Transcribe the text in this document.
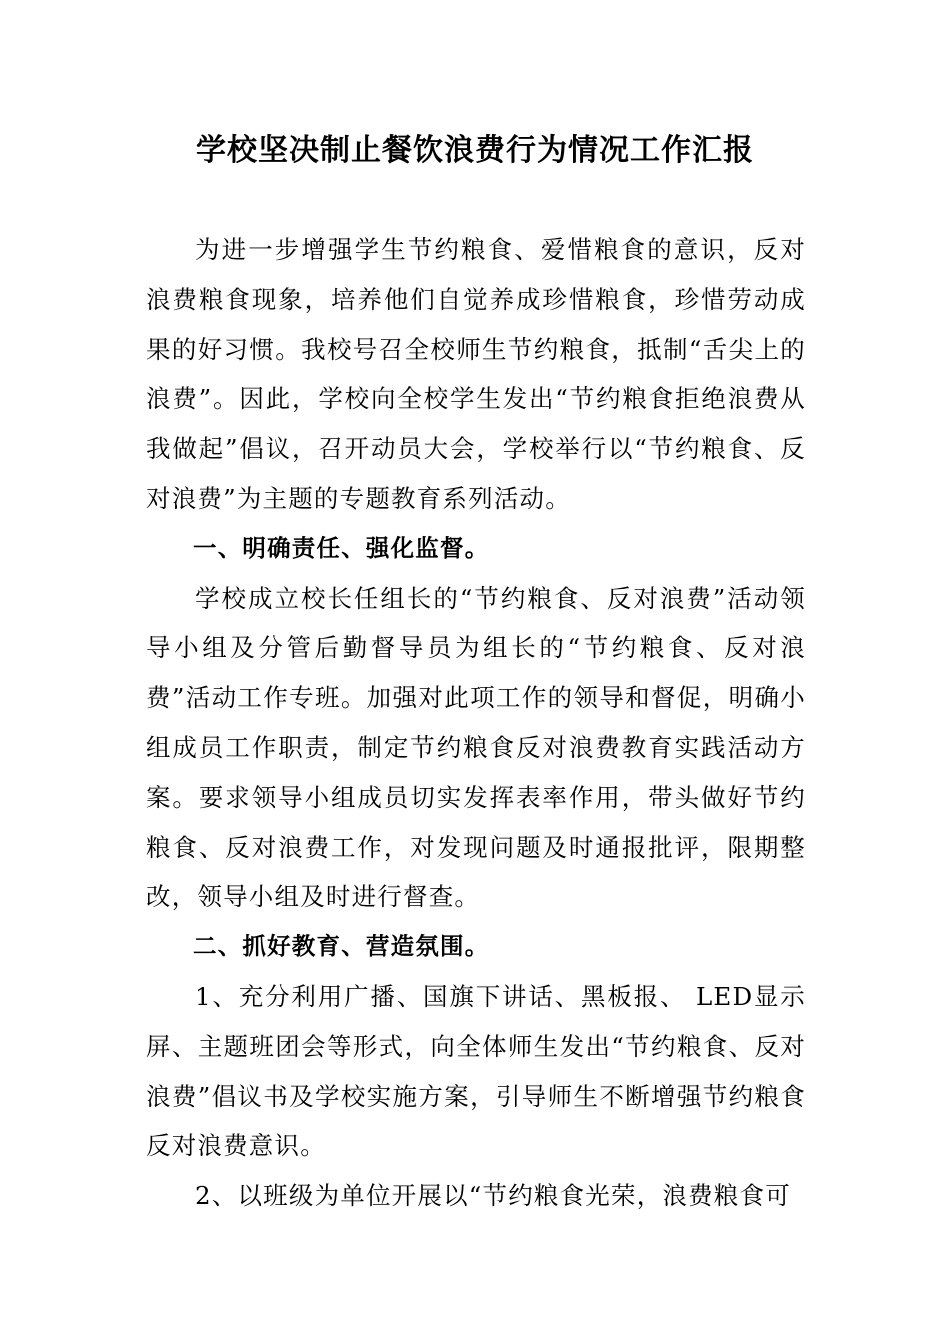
学校坚决制止餐饮浪费行为情况工作汇报

为进一步增强学生节约粮食、爱惜粮食的意识，反对浪费粮食现象，培养他们自觉养成珍惜粮食，珍惜劳动成果的好习惯。我校号召全校师生节约粮食，抵制“舌尖上的浪费”。因此，学校向全校学生发出“节约粮食拒绝浪费从我做起”倡议，召开动员大会，学校举行以“节约粮食、反对浪费”为主题的专题教育系列活动。

一、明确责任、强化监督。

学校成立校长任组长的“节约粮食、反对浪费”活动领导小组及分管后勤督导员为组长的“节约粮食、反对浪费”活动工作专班。加强对此项工作的领导和督促，明确小组成员工作职责，制定节约粮食反对浪费教育实践活动方案。要求领导小组成员切实发挥表率作用，带头做好节约粮食、反对浪费工作，对发现问题及时通报批评，限期整改，领导小组及时进行督查。

二、抓好教育、营造氛围。

1、充分利用广播、国旗下讲话、黑板报、 LED显示屏、主题班团会等形式，向全体师生发出“节约粮食、反对浪费”倡议书及学校实施方案，引导师生不断增强节约粮食反对浪费意识。

2、以班级为单位开展以“节约粮食光荣，浪费粮食可
